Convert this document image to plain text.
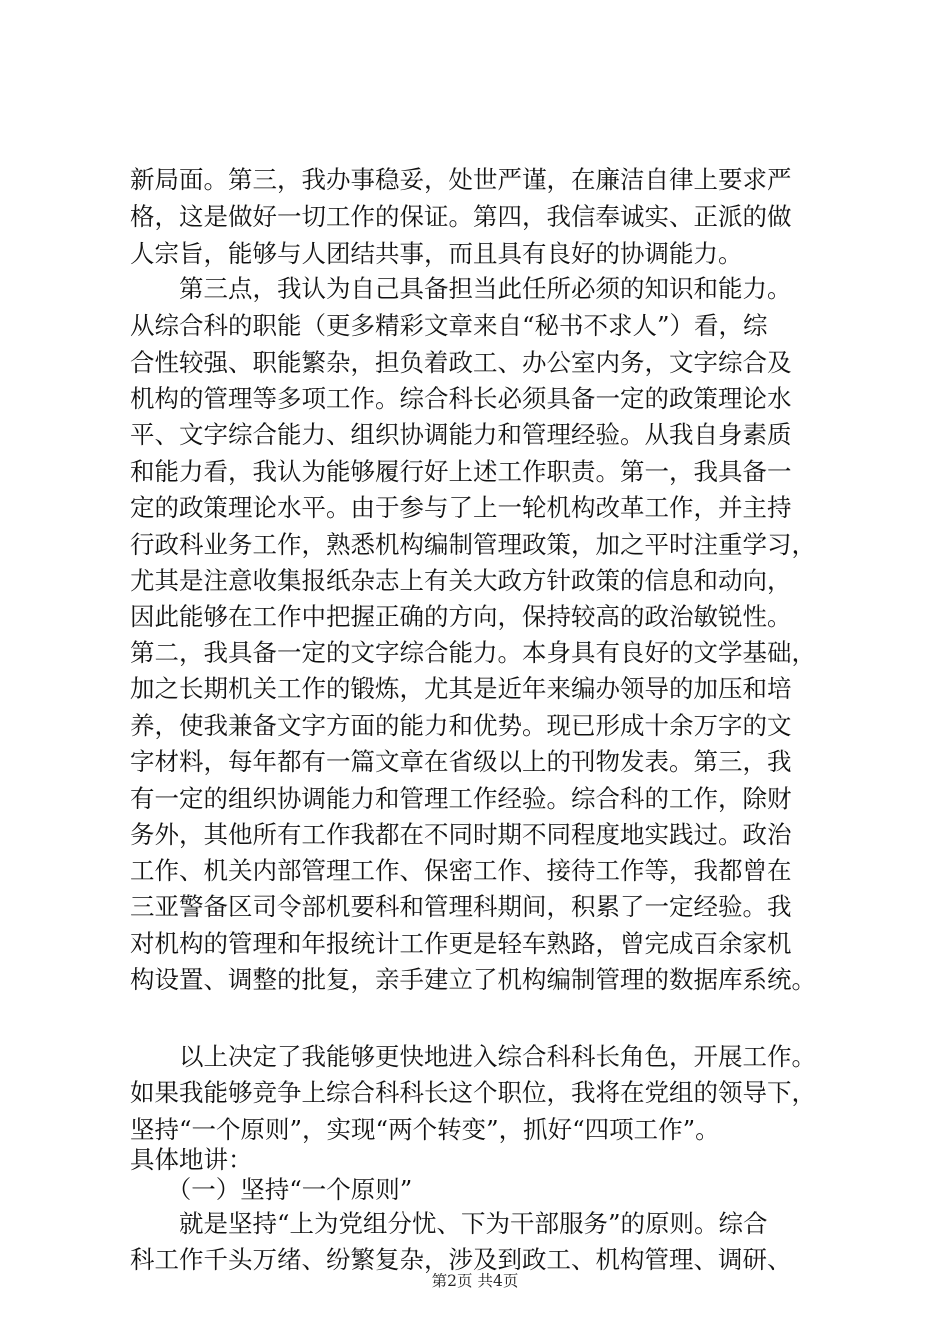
新局面。第三，我办事稳妥，处世严谨，在廉洁自律上要求严
格，这是做好一切工作的保证。第四，我信奉诚实、正派的做
人宗旨，能够与人团结共事，而且具有良好的协调能力。
　　第三点，我认为自己具备担当此任所必须的知识和能力。
从综合科的职能（更多精彩文章来自“秘书不求人”）看，综
合性较强、职能繁杂，担负着政工、办公室内务，文字综合及
机构的管理等多项工作。综合科长必须具备一定的政策理论水
平、文字综合能力、组织协调能力和管理经验。从我自身素质
和能力看，我认为能够履行好上述工作职责。第一，我具备一
定的政策理论水平。由于参与了上一轮机构改革工作，并主持
行政科业务工作，熟悉机构编制管理政策，加之平时注重学习，
尤其是注意收集报纸杂志上有关大政方针政策的信息和动向，
因此能够在工作中把握正确的方向，保持较高的政治敏锐性。
第二，我具备一定的文字综合能力。本身具有良好的文学基础，
加之长期机关工作的锻炼，尤其是近年来编办领导的加压和培
养，使我兼备文字方面的能力和优势。现已形成十余万字的文
字材料，每年都有一篇文章在省级以上的刊物发表。第三，我
有一定的组织协调能力和管理工作经验。综合科的工作，除财
务外，其他所有工作我都在不同时期不同程度地实践过。政治
工作、机关内部管理工作、保密工作、接待工作等，我都曾在
三亚警备区司令部机要科和管理科期间，积累了一定经验。我
对机构的管理和年报统计工作更是轻车熟路，曾完成百余家机
构设置、调整的批复，亲手建立了机构编制管理的数据库系统。
　　以上决定了我能够更快地进入综合科科长角色，开展工作。
如果我能够竞争上综合科科长这个职位，我将在党组的领导下，
坚持“一个原则”，实现“两个转变”，抓好“四项工作”。
具体地讲：
　　（一）坚持“一个原则”
　　就是坚持“上为党组分忧、下为干部服务”的原则。综合
科工作千头万绪、纷繁复杂，涉及到政工、机构管理、调研、
第2页 共4页
